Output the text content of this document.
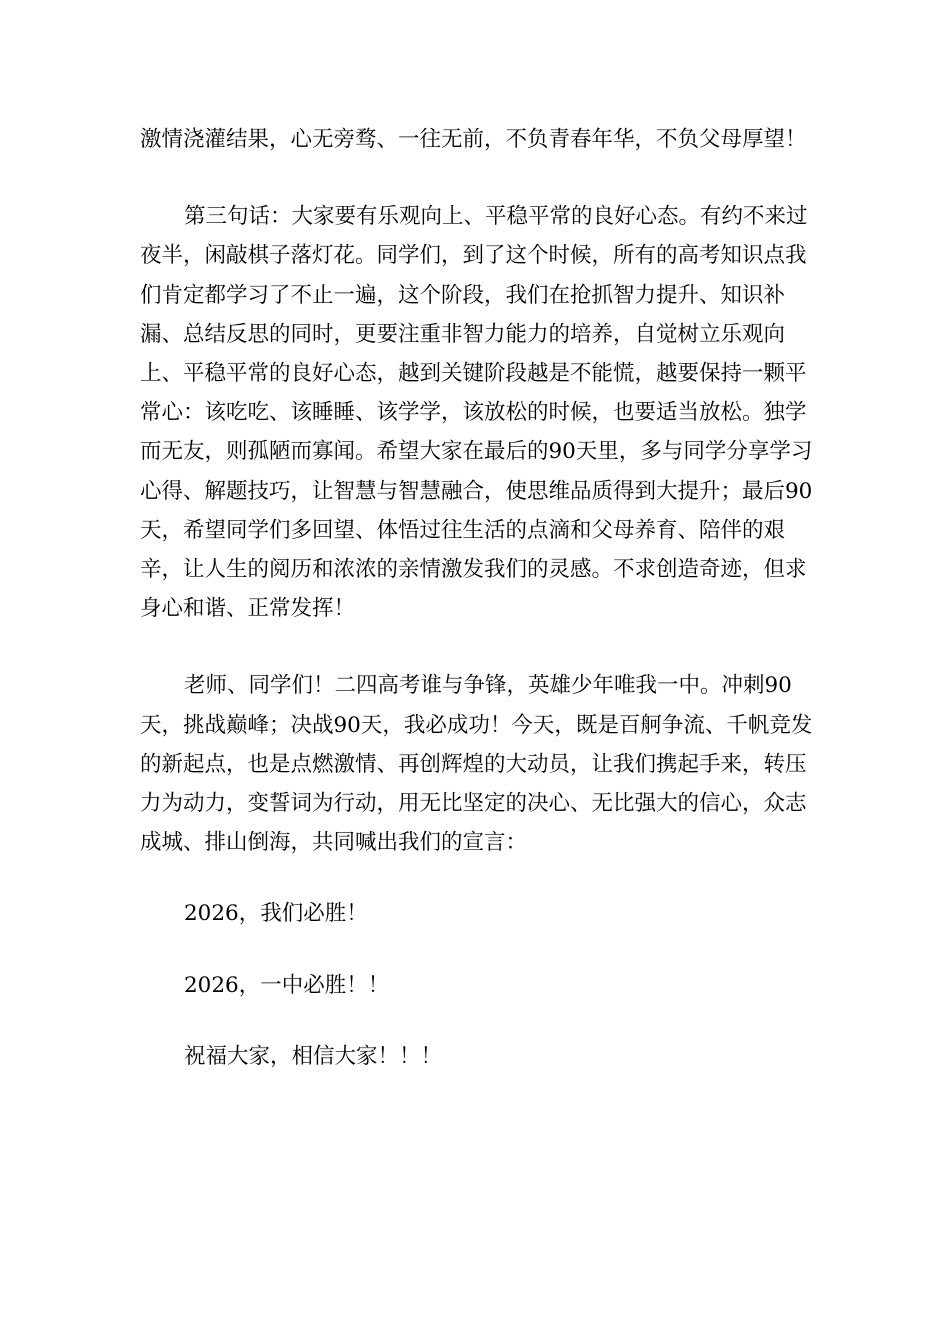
激情浇灌结果，心无旁骛、一往无前，不负青春年华，不负父母厚望！

第三句话：大家要有乐观向上、平稳平常的良好心态。有约不来过夜半，闲敲棋子落灯花。同学们，到了这个时候，所有的高考知识点我们肯定都学习了不止一遍，这个阶段，我们在抢抓智力提升、知识补漏、总结反思的同时，更要注重非智力能力的培养，自觉树立乐观向上、平稳平常的良好心态，越到关键阶段越是不能慌，越要保持一颗平常心：该吃吃、该睡睡、该学学，该放松的时候，也要适当放松。独学而无友，则孤陋而寡闻。希望大家在最后的90天里，多与同学分享学习心得、解题技巧，让智慧与智慧融合，使思维品质得到大提升；最后90天，希望同学们多回望、体悟过往生活的点滴和父母养育、陪伴的艰辛，让人生的阅历和浓浓的亲情激发我们的灵感。不求创造奇迹，但求身心和谐、正常发挥！

老师、同学们！二四高考谁与争锋，英雄少年唯我一中。冲刺90天，挑战巅峰；决战90天，我必成功！今天，既是百舸争流、千帆竞发的新起点，也是点燃激情、再创辉煌的大动员，让我们携起手来，转压力为动力，变誓词为行动，用无比坚定的决心、无比强大的信心，众志成城、排山倒海，共同喊出我们的宣言：

2026，我们必胜！

2026，一中必胜！！

祝福大家，相信大家！！！
